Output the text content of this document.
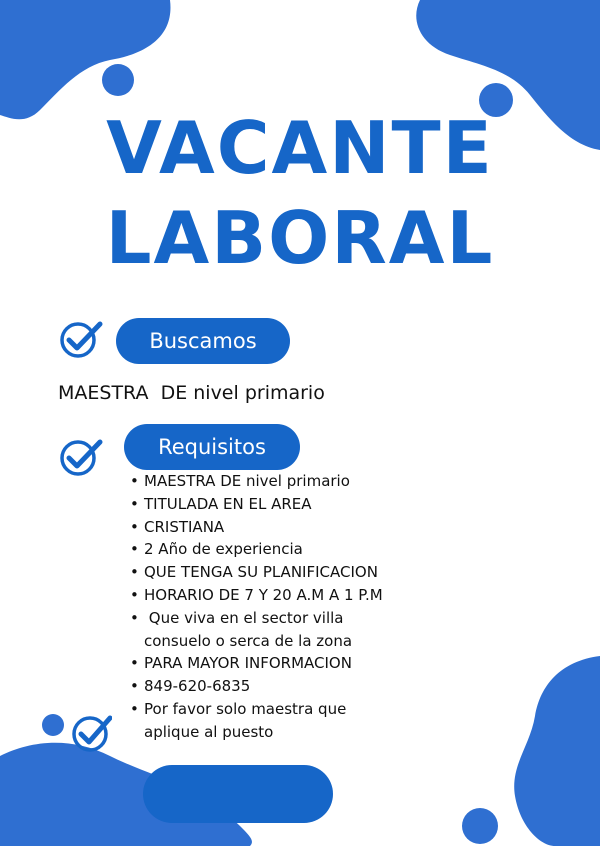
VACANTE
LABORAL
Buscamos
MAESTRA  DE nivel primario
Requisitos
• MAESTRA DE nivel primario
• TITULADA EN EL AREA
• CRISTIANA
• 2 Año de experiencia
• QUE TENGA SU PLANIFICACION
• HORARIO DE 7 Y 20 A.M A 1 P.M
•  Que viva en el sector villa
consuelo o serca de la zona
• PARA MAYOR INFORMACION
• 849-620-6835
• Por favor solo maestra que
aplique al puesto
